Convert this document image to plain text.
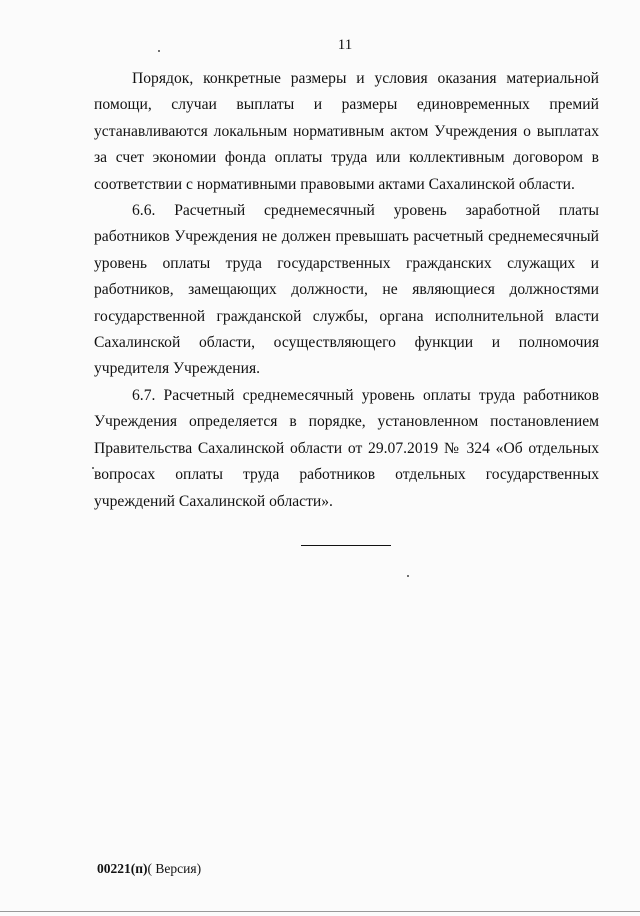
11

Порядок, конкретные размеры и условия оказания материальной помощи, случаи выплаты и размеры единовременных премий устанавливаются локальным нормативным актом Учреждения о выплатах за счет экономии фонда оплаты труда или коллективным договором в соответствии с нормативными правовыми актами Сахалинской области.

6.6. Расчетный среднемесячный уровень заработной платы работников Учреждения не должен превышать расчетный среднемесячный уровень оплаты труда государственных гражданских служащих и работников, замещающих должности, не являющиеся должностями государственной гражданской службы, органа исполнительной власти Сахалинской области, осуществляющего функции и полномочия учредителя Учреждения.

6.7. Расчетный среднемесячный уровень оплаты труда работников Учреждения определяется в порядке, установленном постановлением Правительства Сахалинской области от 29.07.2019 № 324 «Об отдельных вопросах оплаты труда работников отдельных государственных учреждений Сахалинской области».

00221(п)( Версия)
